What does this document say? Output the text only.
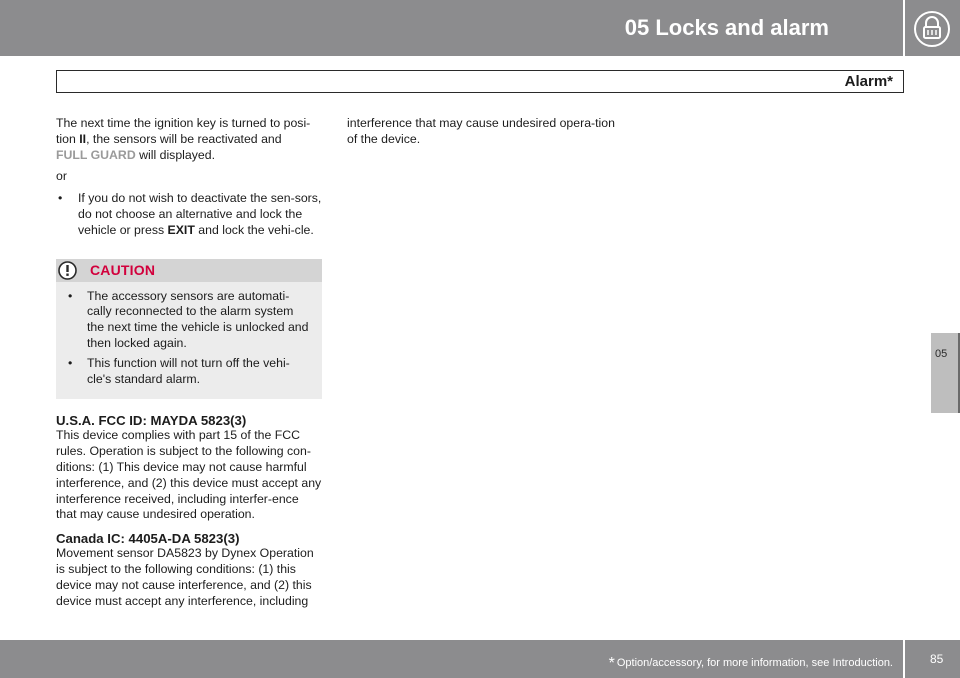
05 Locks and alarm
Alarm*
The next time the ignition key is turned to posi-tion II, the sensors will be reactivated and
FULL GUARD will displayed.
or
• If you do not wish to deactivate the sen-sors, do not choose an alternative and lock the vehicle or press EXIT and lock the vehi-cle.
CAUTION
• The accessory sensors are automati-cally reconnected to the alarm system the next time the vehicle is unlocked and then locked again.
• This function will not turn off the vehi-cle's standard alarm.
U.S.A. FCC ID: MAYDA 5823(3)
This device complies with part 15 of the FCC rules. Operation is subject to the following con-ditions: (1) This device may not cause harmful interference, and (2) this device must accept any interference received, including interfer-ence that may cause undesired operation.
Canada IC: 4405A-DA 5823(3)
Movement sensor DA5823 by Dynex Operation is subject to the following conditions: (1) this device may not cause interference, and (2) this device must accept any interference, including
interference that may cause undesired opera-tion of the device.
05
* Option/accessory, for more information, see Introduction.	85
